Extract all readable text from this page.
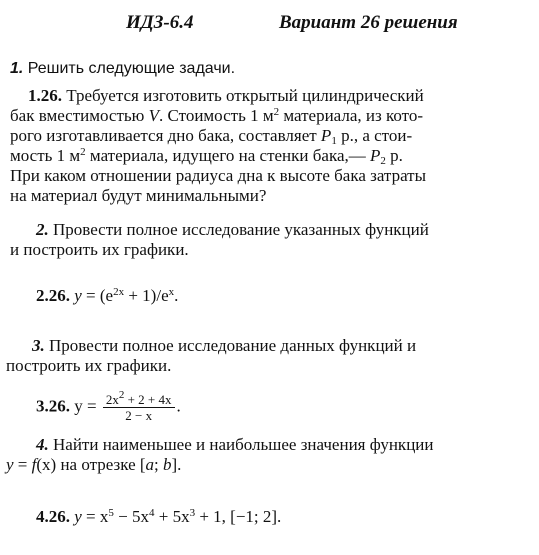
ИДЗ-6.4	Вариант 26 решения
1. Решить следующие задачи.
1.26. Требуется изготовить открытый цилиндрический
бак вместимостью V. Стоимость 1 $м^2$ материала, из кото-
рого изготавливается дно бака, составляет $P_1$ р., а стои-
мость 1 $м^2$ материала, идущего на стенки бака,— $P_2$ р.
При каком отношении радиуса дна к высоте бака затраты
на материал будут минимальными?
2. Провести полное исследование указанных функций
и построить их графики.
2.26. $y = (e^{2x} + 1)/e^x$.
3. Провести полное исследование данных функций и
построить их графики.
3.26. $y = \frac{2x^2 + 2 + 4x}{2 - x}$ .
4. Найти наименьшее и наибольшее значения функции
y = f(x) на отрезке [a; b].
4.26. $y = x^5 - 5x^4 + 5x^3 + 1$, [−1; 2].
